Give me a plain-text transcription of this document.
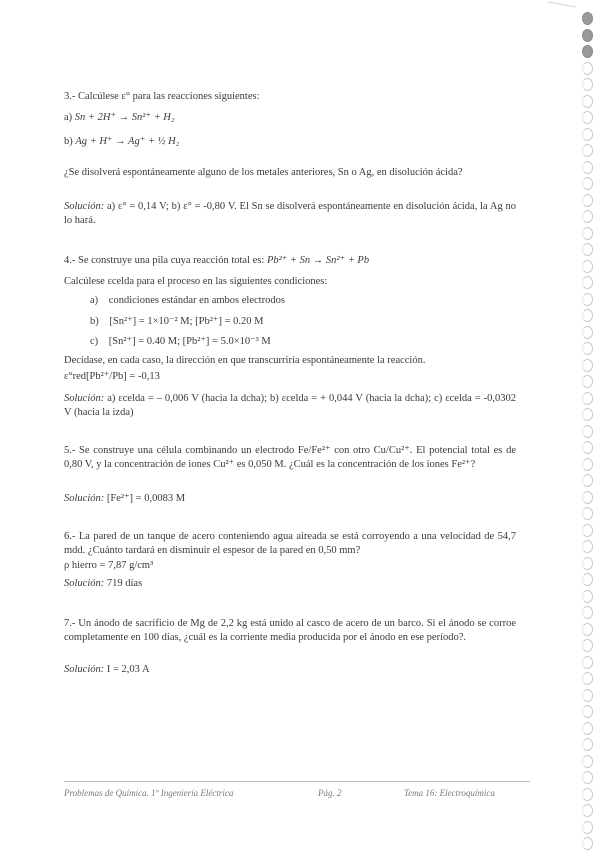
3.- Calcúlese ε° para las reacciones siguientes:
a) Sn + 2H⁺ → Sn²⁺ + H₂
b) Ag + H⁺ → Ag⁺ + ½ H₂

¿Se disolverá espontáneamente alguno de los metales anteriores, Sn o Ag, en disolución ácida?

Solución: a) ε° = 0,14 V; b) ε° = -0,80 V. El Sn se disolverá espontáneamente en disolución ácida, la Ag no lo hará.

4.- Se construye una pila cuya reacción total es: Pb²⁺ + Sn → Sn²⁺ + Pb
Calcúlese εcelda para el proceso en las siguientes condiciones:
a) condiciones estándar en ambos electrodos
b) [Sn²⁺] = 1×10⁻² M; [Pb²⁺] = 0.20 M
c) [Sn²⁺] = 0.40 M; [Pb²⁺] = 5.0×10⁻³ M

Decídase, en cada caso, la dirección en que transcurriría espontáneamente la reacción.

ε°red[Pb²⁺/Pb] = -0,13

Solución: a) εcelda = – 0,006 V (hacia la dcha); b) εcelda = + 0,044 V (hacia la dcha); c) εcelda = -0,0302 V (hacia la izda)

5.- Se construye una célula combinando un electrodo Fe/Fe²⁺ con otro Cu/Cu²⁺. El potencial total es de 0,80 V, y la concentración de iones Cu²⁺ es 0,050 M. ¿Cuál es la concentración de los iones Fe²⁺?

Solución: [Fe²⁺] = 0,0083 M

6.- La pared de un tanque de acero conteniendo agua aireada se está corroyendo a una velocidad de 54,7 mdd. ¿Cuánto tardará en disminuir el espesor de la pared en 0,50 mm?

ρ hierro = 7,87 g/cm³

Solución: 719 días

7.- Un ánodo de sacrificio de Mg de 2,2 kg está unido al casco de acero de un barco. Si el ánodo se corroe completamente en 100 días, ¿cuál es la corriente media producida por el ánodo en ese período?.

Solución: I = 2,03 A

Problemas de Química. 1º Ingeniería Eléctrica	Pág. 2	Tema 16: Electroquímica
